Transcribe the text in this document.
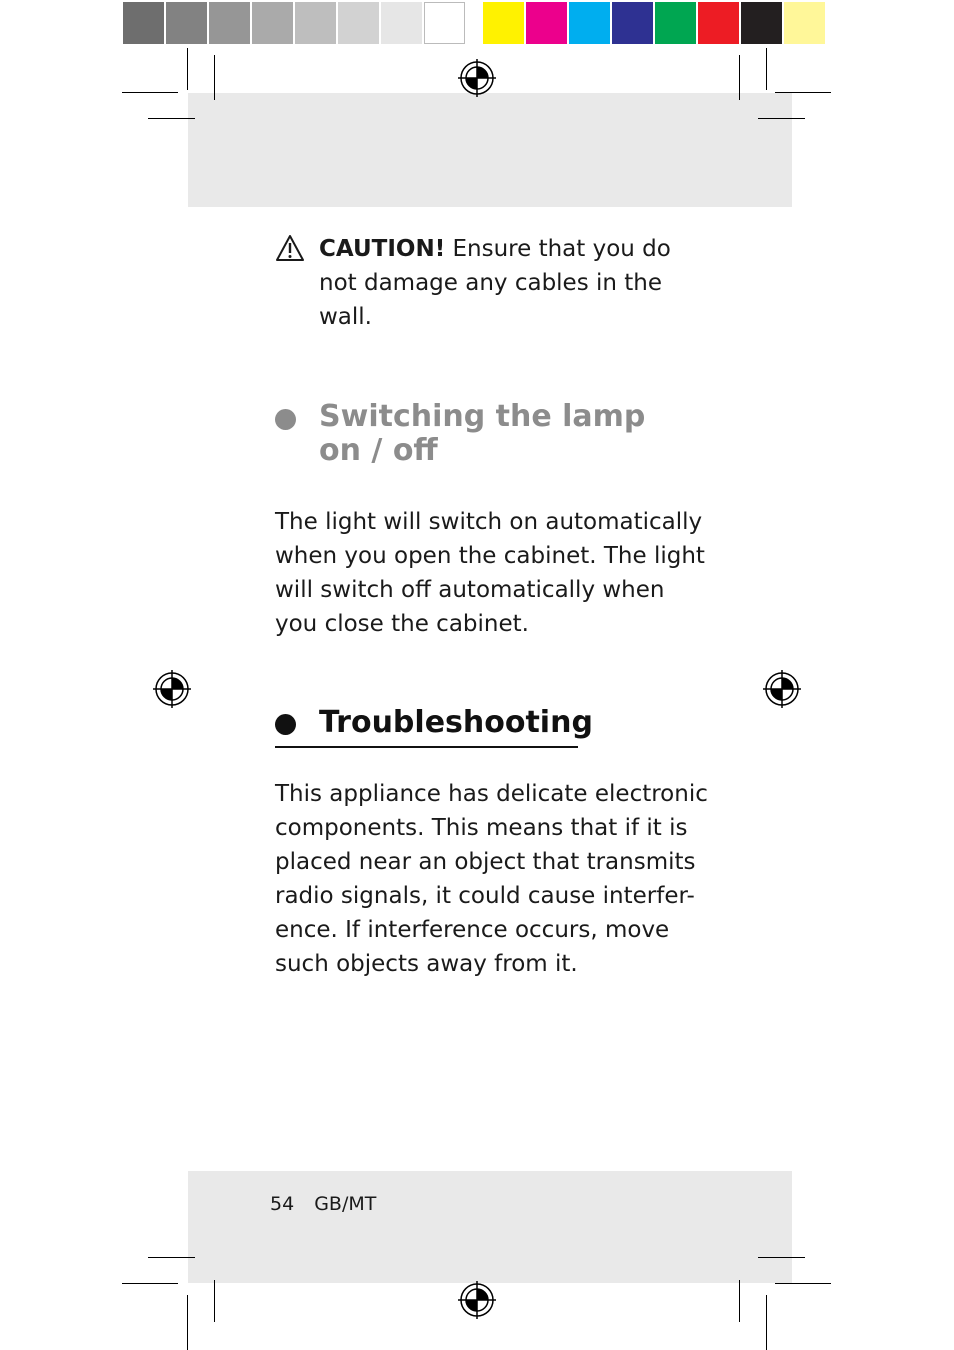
CAUTION! Ensure that you do
not damage any cables in the
wall.
Switching the lamp
on / off
The light will switch on automatically
when you open the cabinet. The light
will switch off automatically when
you close the cabinet.
Troubleshooting
This appliance has delicate electronic
components. This means that if it is
placed near an object that transmits
radio signals, it could cause interfer-
ence. If interference occurs, move
such objects away from it.
54 GB/MT
